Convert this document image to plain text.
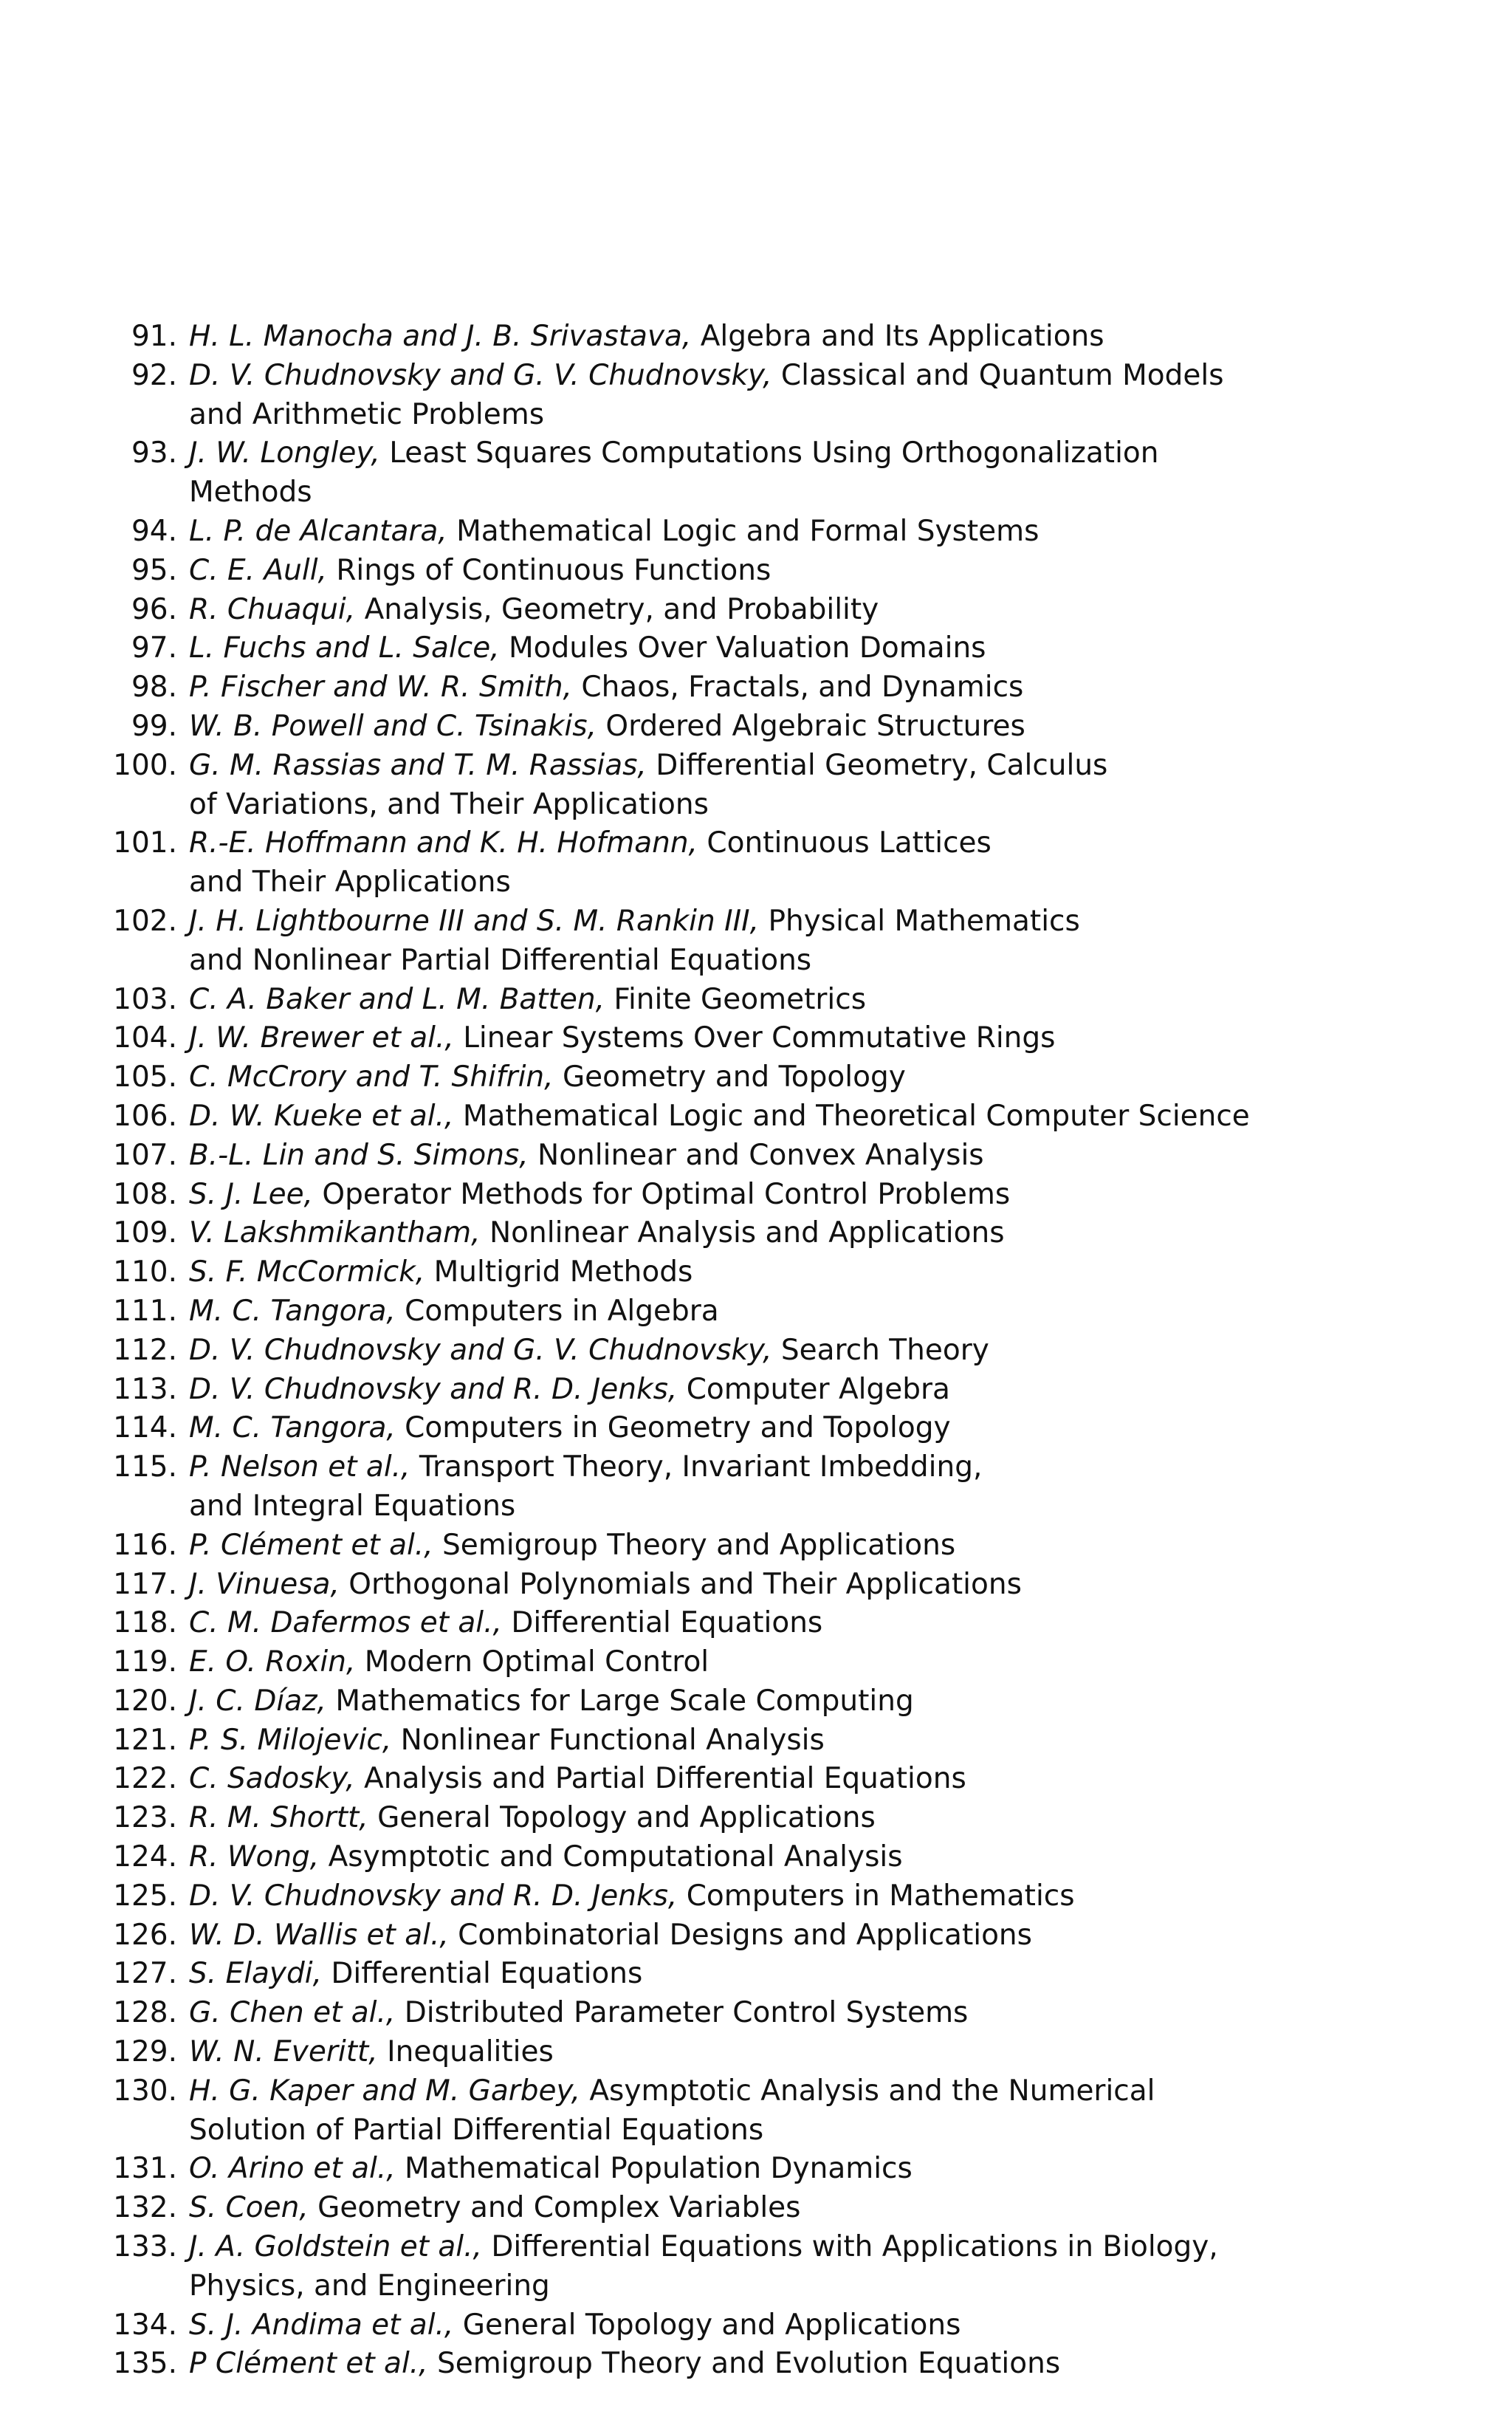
91. H. L. Manocha and J. B. Srivastava, Algebra and Its Applications
92. D. V. Chudnovsky and G. V. Chudnovsky, Classical and Quantum Models
and Arithmetic Problems
93. J. W. Longley, Least Squares Computations Using Orthogonalization
Methods
94. L. P. de Alcantara, Mathematical Logic and Formal Systems
95. C. E. Aull, Rings of Continuous Functions
96. R. Chuaqui, Analysis, Geometry, and Probability
97. L. Fuchs and L. Salce, Modules Over Valuation Domains
98. P. Fischer and W. R. Smith, Chaos, Fractals, and Dynamics
99. W. B. Powell and C. Tsinakis, Ordered Algebraic Structures
100. G. M. Rassias and T. M. Rassias, Differential Geometry, Calculus
of Variations, and Their Applications
101. R.-E. Hoffmann and K. H. Hofmann, Continuous Lattices
and Their Applications
102. J. H. Lightbourne III and S. M. Rankin III, Physical Mathematics
and Nonlinear Partial Differential Equations
103. C. A. Baker and L. M. Batten, Finite Geometrics
104. J. W. Brewer et al., Linear Systems Over Commutative Rings
105. C. McCrory and T. Shifrin, Geometry and Topology
106. D. W. Kueke et al., Mathematical Logic and Theoretical Computer Science
107. B.-L. Lin and S. Simons, Nonlinear and Convex Analysis
108. S. J. Lee, Operator Methods for Optimal Control Problems
109. V. Lakshmikantham, Nonlinear Analysis and Applications
110. S. F. McCormick, Multigrid Methods
111. M. C. Tangora, Computers in Algebra
112. D. V. Chudnovsky and G. V. Chudnovsky, Search Theory
113. D. V. Chudnovsky and R. D. Jenks, Computer Algebra
114. M. C. Tangora, Computers in Geometry and Topology
115. P. Nelson et al., Transport Theory, Invariant Imbedding,
and Integral Equations
116. P. Clément et al., Semigroup Theory and Applications
117. J. Vinuesa, Orthogonal Polynomials and Their Applications
118. C. M. Dafermos et al., Differential Equations
119. E. O. Roxin, Modern Optimal Control
120. J. C. Díaz, Mathematics for Large Scale Computing
121. P. S. Milojevic, Nonlinear Functional Analysis
122. C. Sadosky, Analysis and Partial Differential Equations
123. R. M. Shortt, General Topology and Applications
124. R. Wong, Asymptotic and Computational Analysis
125. D. V. Chudnovsky and R. D. Jenks, Computers in Mathematics
126. W. D. Wallis et al., Combinatorial Designs and Applications
127. S. Elaydi, Differential Equations
128. G. Chen et al., Distributed Parameter Control Systems
129. W. N. Everitt, Inequalities
130. H. G. Kaper and M. Garbey, Asymptotic Analysis and the Numerical
Solution of Partial Differential Equations
131. O. Arino et al., Mathematical Population Dynamics
132. S. Coen, Geometry and Complex Variables
133. J. A. Goldstein et al., Differential Equations with Applications in Biology,
Physics, and Engineering
134. S. J. Andima et al., General Topology and Applications
135. P Clément et al., Semigroup Theory and Evolution Equations
